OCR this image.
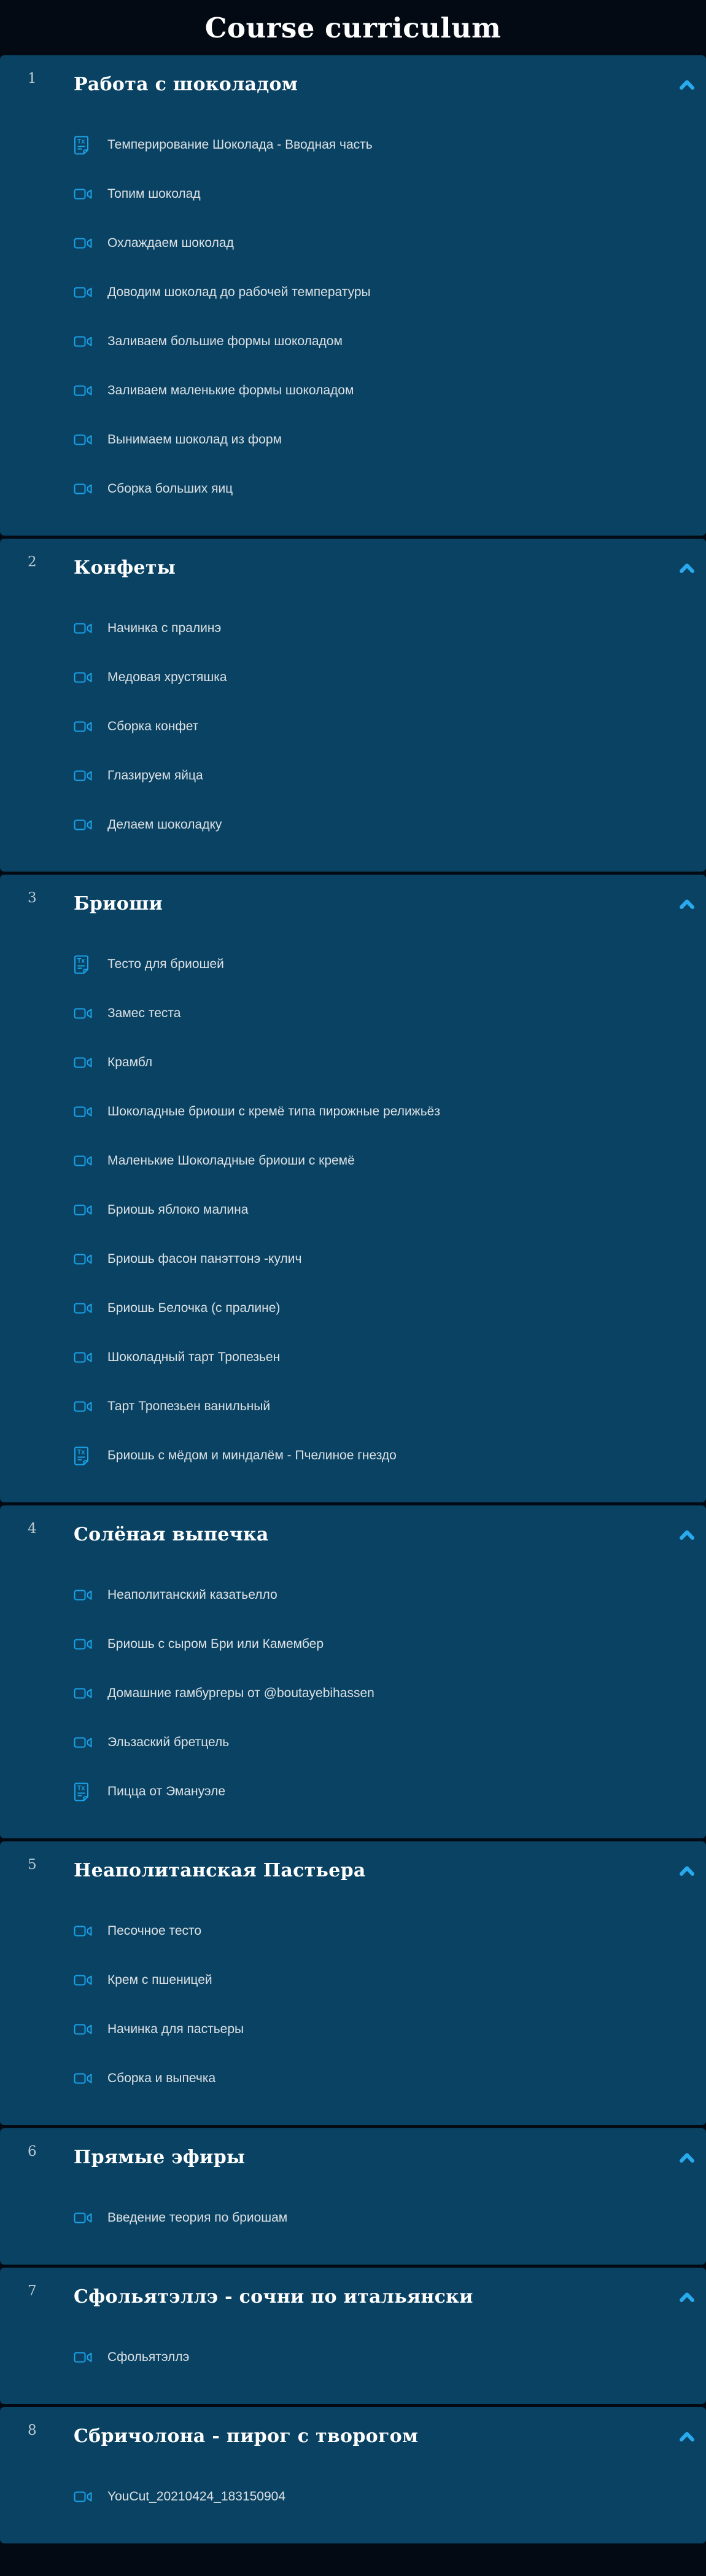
Course curriculum
1 Работа с шоколадом
Tx Темперирование Шоколада - Вводная часть
Топим шоколад
Охлаждаем шоколад
Доводим шоколад до рабочей температуры
Заливаем большие формы шоколадом
Заливаем маленькие формы шоколадом
Вынимаем шоколад из форм
Сборка больших яиц
2 Конфеты
Начинка с пралинэ
Медовая хрустяшка
Сборка конфет
Глазируем яйца
Делаем шоколадку
3 Бриоши
Tx Тесто для бриошей
Замес теста
Крамбл
Шоколадные бриоши с кремё типа пирожные релижьёз
Маленькие Шоколадные бриоши с кремё
Бриошь яблоко малина
Бриошь фасон панэттонэ -кулич
Бриошь Белочка (с пралине)
Шоколадный тарт Тропезьен
Тарт Тропезьен ванильный
Tx Бриошь с мёдом и миндалём - Пчелиное гнездо
4 Солёная выпечка
Неаполитанский казатьелло
Бриошь с сыром Бри или Камембер
Домашние гамбургеры от @boutayebihassen
Эльзаский бретцель
Tx Пицца от Эмануэле
5 Неаполитанская Пастьера
Песочное тесто
Крем с пшеницей
Начинка для пастьеры
Сборка и выпечка
6 Прямые эфиры
Введение теория по бриошам
7 Сфольятэллэ - сочни по итальянски
Сфольятэллэ
8 Сбричолона - пирог с творогом
YouCut_20210424_183150904
